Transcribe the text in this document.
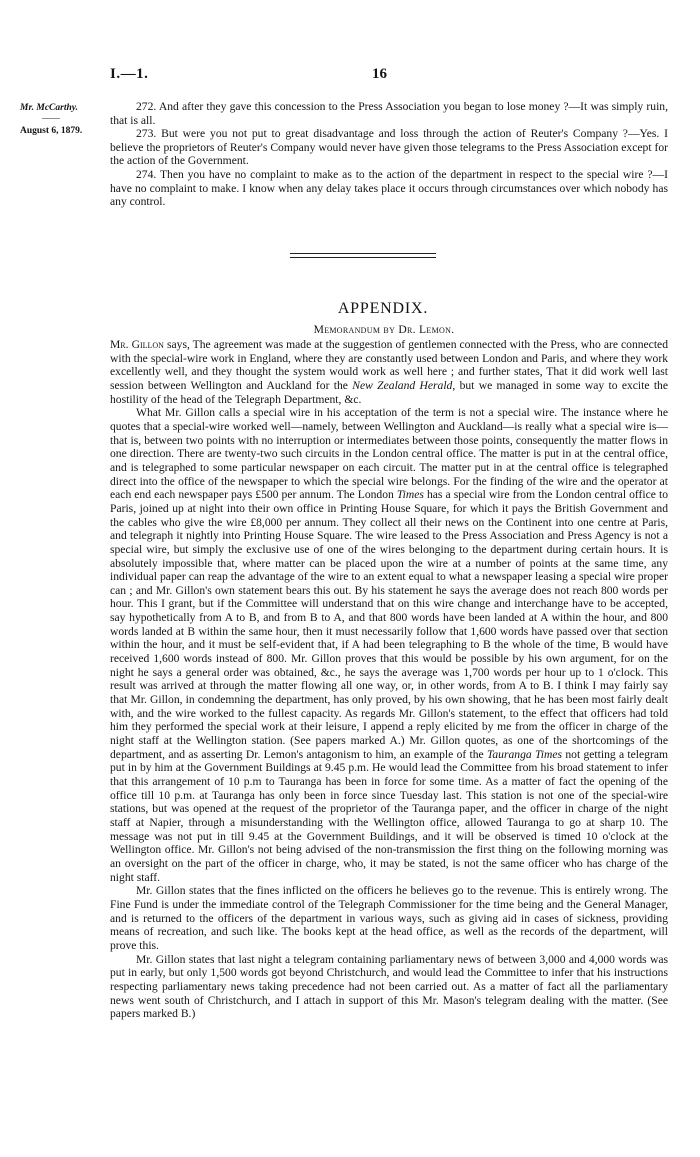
I.—1.	16
Mr. McCarthy.
——
August 6, 1879.

272. And after they gave this concession to the Press Association you began to lose money ?—It was simply ruin, that is all.

273. But were you not put to great disadvantage and loss through the action of Reuter's Company ?—Yes. I believe the proprietors of Reuter's Company would never have given those telegrams to the Press Association except for the action of the Government.

274. Then you have no complaint to make as to the action of the department in respect to the special wire ?—I have no complaint to make. I know when any delay takes place it occurs through circumstances over which nobody has any control.

APPENDIX.
Memorandum by Dr. Lemon.

Mr. Gillon says, The agreement was made at the suggestion of gentlemen connected with the Press, who are connected with the special-wire work in England, where they are constantly used between London and Paris, and where they work excellently well, and they thought the system would work as well here ; and further states, That it did work well last session between Wellington and Auckland for the New Zealand Herald, but we managed in some way to excite the hostility of the head of the Telegraph Department, &c.

What Mr. Gillon calls a special wire in his acceptation of the term is not a special wire. The instance where he quotes that a special-wire worked well—namely, between Wellington and Auckland—is really what a special wire is—that is, between two points with no interruption or intermediates between those points, consequently the matter flows in one direction. There are twenty-two such circuits in the London central office. The matter is put in at the central office, and is telegraphed to some particular newspaper on each circuit. The matter put in at the central office is telegraphed direct into the office of the newspaper to which the special wire belongs. For the finding of the wire and the operator at each end each newspaper pays £500 per annum. The London Times has a special wire from the London central office to Paris, joined up at night into their own office in Printing House Square, for which it pays the British Government and the cables who give the wire £8,000 per annum. They collect all their news on the Continent into one centre at Paris, and telegraph it nightly into Printing House Square. The wire leased to the Press Association and Press Agency is not a special wire, but simply the exclusive use of one of the wires belonging to the department during certain hours. It is absolutely impossible that, where matter can be placed upon the wire at a number of points at the same time, any individual paper can reap the advantage of the wire to an extent equal to what a newspaper leasing a special wire proper can ; and Mr. Gillon's own statement bears this out. By his statement he says the average does not reach 800 words per hour. This I grant, but if the Committee will understand that on this wire change and interchange have to be accepted, say hypothetically from A to B, and from B to A, and that 800 words have been landed at A within the hour, and 800 words landed at B within the same hour, then it must necessarily follow that 1,600 words have passed over that section within the hour, and it must be self-evident that, if A had been telegraphing to B the whole of the time, B would have received 1,600 words instead of 800. Mr. Gillon proves that this would be possible by his own argument, for on the night he says a general order was obtained, &c., he says the average was 1,700 words per hour up to 1 o'clock. This result was arrived at through the matter flowing all one way, or, in other words, from A to B. I think I may fairly say that Mr. Gillon, in condemning the department, has only proved, by his own showing, that he has been most fairly dealt with, and the wire worked to the fullest capacity. As regards Mr. Gillon's statement, to the effect that officers had told him they performed the special work at their leisure, I append a reply elicited by me from the officer in charge of the night staff at the Wellington station. (See papers marked A.) Mr. Gillon quotes, as one of the shortcomings of the department, and as asserting Dr. Lemon's antagonism to him, an example of the Tauranga Times not getting a telegram put in by him at the Government Buildings at 9.45 p.m. He would lead the Committee from his broad statement to infer that this arrangement of 10 p.m to Tauranga has been in force for some time. As a matter of fact the opening of the office till 10 p.m. at Tauranga has only been in force since Tuesday last. This station is not one of the special-wire stations, but was opened at the request of the proprietor of the Tauranga paper, and the officer in charge of the night staff at Napier, through a misunderstanding with the Wellington office, allowed Tauranga to go at sharp 10. The message was not put in till 9.45 at the Government Buildings, and it will be observed is timed 10 o'clock at the Wellington office. Mr. Gillon's not being advised of the non-transmission the first thing on the following morning was an oversight on the part of the officer in charge, who, it may be stated, is not the same officer who has charge of the night staff.

Mr. Gillon states that the fines inflicted on the officers he believes go to the revenue. This is entirely wrong. The Fine Fund is under the immediate control of the Telegraph Commissioner for the time being and the General Manager, and is returned to the officers of the department in various ways, such as giving aid in cases of sickness, providing means of recreation, and such like. The books kept at the head office, as well as the records of the department, will prove this.

Mr. Gillon states that last night a telegram containing parliamentary news of between 3,000 and 4,000 words was put in early, but only 1,500 words got beyond Christchurch, and would lead the Committee to infer that his instructions respecting parliamentary news taking precedence had not been carried out. As a matter of fact all the parliamentary news went south of Christchurch, and I attach in support of this Mr. Mason's telegram dealing with the matter. (See papers marked B.)
